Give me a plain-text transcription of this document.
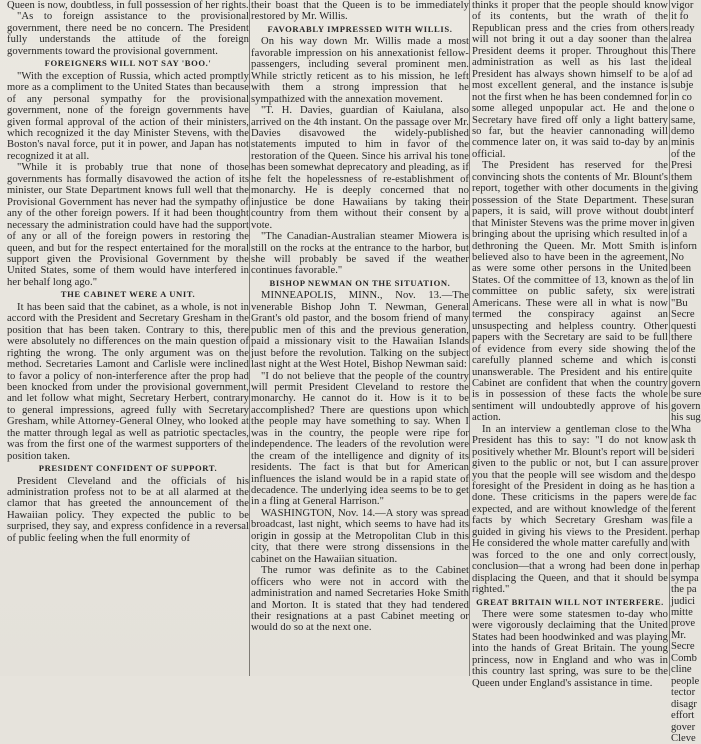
Queen is now, doubtless, in full possession of her rights.

"As to foreign assistance to the provisional government, there need be no concern. The President fully understands the attitude of the foreign governments toward the provisional government.

FOREIGNERS WILL NOT SAY 'BOO.'

"With the exception of Russia, which acted promptly more as a compliment to the United States than because of any personal sympathy for the provisional government, none of the foreign governments have given formal approval of the action of their ministers, which recognized it the day Minister Stevens, with the Boston's naval force, put it in power, and Japan has not recognized it at all.

"While it is probably true that none of those governments has formally disavowed the action of its minister, our State Department knows full well that the Provisional Government has never had the sympathy of any of the other foreign powers. If it had been thought necessary the administration could have had the support of any or all of the foreign powers in restoring the queen, and but for the respect entertained for the moral support given the Provisional Government by the United States, some of them would have interfered in her behalf long ago."

THE CABINET WERE A UNIT.

It has been said that the cabinet, as a whole, is not in accord with the President and Secretary Gresham in the position that has been taken. Contrary to this, there were absolutely no differences on the main question of righting the wrong. The only argument was on the method. Secretaries Lamont and Carlisle were inclined to favor a policy of non-interference after the prop had been knocked from under the provisional government, and let follow what might, Secretary Herbert, contrary to general impressions, agreed fully with Secretary Gresham, while Attorney-General Olney, who looked at the matter through legal as well as patriotic spectacles, was from the first one of the warmest supporters of the position taken.

PRESIDENT CONFIDENT OF SUPPORT.

President Cleveland and the officials of his administration profess not to be at all alarmed at the clamor that has greeted the announcement of the Hawaiian policy. They expected the public to be surprised, they say, and express confidence in a reversal of public feeling when the full enormity of

their boast that the Queen is to be immediately restored by Mr. Willis.

FAVORABLY IMPRESSED WITH WILLIS.

On his way down Mr. Willis made a most favorable impression on his annexationist fellow-passengers, including several prominent men. While strictly reticent as to his mission, he left with them a strong impression that he sympathized with the annexation movement.

"T. H. Davies, guardian of Kaiulana, also arrived on the 4th instant. On the passage over Mr. Davies disavowed the widely-published statements imputed to him in favor of the restoration of the Queen. Since his arrival his tone has been somewhat deprecatory and pleading, as if he felt the hopelessness of re-establishment of monarchy. He is deeply concerned that no injustice be done Hawaiians by taking their country from them without their consent by a vote.

"The Canadian-Australian steamer Miowera is still on the rocks at the entrance to the harbor, but she will probably be saved if the weather continues favorable."

BISHOP NEWMAN ON THE SITUATION.

MINNEAPOLIS, MINN., Nov. 13.—The venerable Bishop John T. Newman, General Grant's old pastor, and the bosom friend of many public men of this and the previous generation, paid a missionary visit to the Hawaiian Islands just before the revolution. Talking on the subject last night at the West Hotel, Bishop Newman said:

"I do not believe that the people of the country will permit President Cleveland to restore the monarchy. He cannot do it. How is it to be accomplished? There are questions upon which the people may have something to say. When I was in the country, the people were ripe for independence. The leaders of the revolution were the cream of the intelligence and dignity of its residents. The fact is that but for American influences the island would be in a rapid state of decadence. The underlying idea seems to be to get in a fling at General Harrison."

WASHINGTON, Nov. 14.—A story was spread broadcast, last night, which seems to have had its origin in gossip at the Metropolitan Club in this city, that there were strong dissensions in the cabinet on the Hawaiian situation.

The rumor was definite as to the Cabinet officers who were not in accord with the administration and named Secretaries Hoke Smith and Morton. It is stated that they had tendered their resignations at a past Cabinet meeting or would do so at the next one.

thinks it proper that the people should know of its contents, but the wrath of the Republican press and the cries from others will not bring it out a day sooner than the President deems it proper. Throughout this administration as well as his last the President has always shown himself to be a most excellent general, and the instance is not the first when he has been condemned for some alleged unpopular act. He and the Secretary have fired off only a light battery so far, but the heavier cannonading will commence later on, it was said to-day by an official.

The President has reserved for the convincing shots the contents of Mr. Blount's report, together with other documents in the possession of the State Department. These papers, it is said, will prove without doubt that Minister Stevens was the prime mover in bringing about the uprising which resulted in dethroning the Queen. Mr. Mott Smith is believed also to have been in the agreement, as were some other persons in the United States. Of the committee of 13, known as the committee on public safety, six were Americans. These were all in what is now termed the conspiracy against an unsuspecting and helpless country. Other papers with the Secretary are said to be full of evidence from every side showing the carefully planned scheme and which is unanswerable. The President and his entire Cabinet are confident that when the country is in possession of these facts the whole sentiment will undoubtedly approve of his action.

In an interview a gentleman close to the President has this to say: "I do not know positively whether Mr. Blount's report will be given to the public or not, but I can assure you that the people will see wisdom and the foresight of the President in doing as he has done. These criticisms in the papers were expected, and are without knowledge of the facts by which Secretary Gresham was guided in giving his views to the President. He considered the whole matter carefully and was forced to the one and only correct conclusion—that a wrong had been done in displacing the Queen, and that it should be righted."

GREAT BRITAIN WILL NOT INTERFERE.

There were some statesmen to-day who were vigorously declaiming that the United States had been hoodwinked and was playing into the hands of Great Britain. The young princess, now in England and who was in this country last spring, was sure to be the Queen under England's assistance in time.

vigor

it fo

ready

alrea

There

ideal

of ad

subje

in co

one o

same,

demo

minis

of the

Presi

them

giving

suran

interf

given

of a

inforn

No

been

of lin

istrati

"Bu

Secre

questi

there

of the

consti

quite

govern

be sure

govern

his sug

Wha

ask th

sideri

prover

despo

tion a

de fac

ferent

file a

perhap

with

ously,

perhap

sympa

the pa

judici

mitte

prove

Mr.

Secre

Comb

cline

people

tector

disagr

effort

gover

Cleve
